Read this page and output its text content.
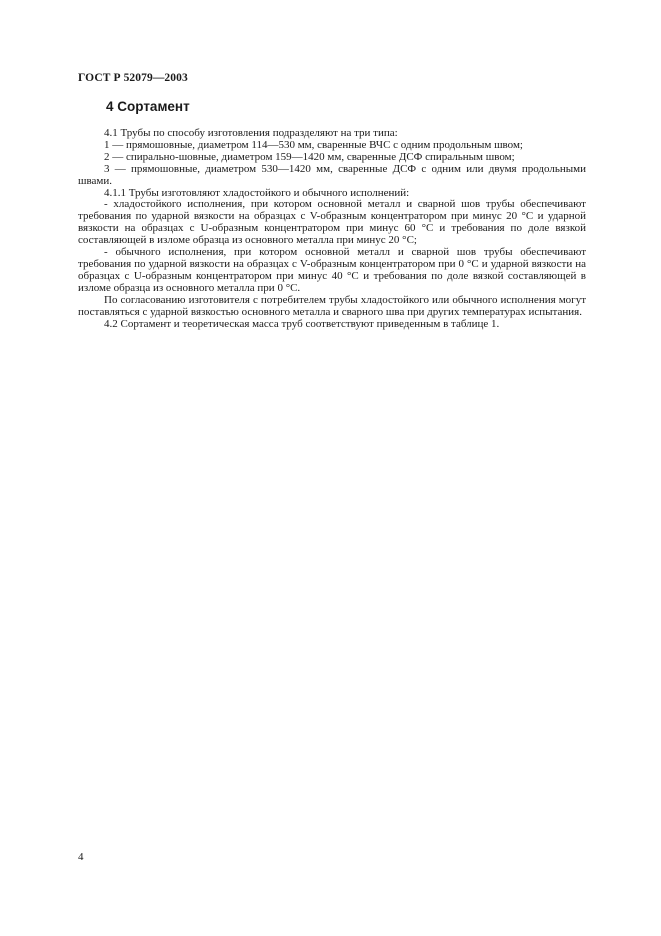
ГОСТ Р 52079—2003
4 Сортамент

4.1 Трубы по способу изготовления подразделяют на три типа:

1 — прямошовные, диаметром 114—530 мм, сваренные ВЧС с одним продольным швом;

2 — спирально-шовные, диаметром 159—1420 мм, сваренные ДСФ спиральным швом;

3 — прямошовные, диаметром 530—1420 мм, сваренные ДСФ с одним или двумя продольными швами.

4.1.1 Трубы изготовляют хладостойкого и обычного исполнений:

- хладостойкого исполнения, при котором основной металл и сварной шов трубы обеспечивают требования по ударной вязкости на образцах с V-образным концентратором при минус 20 °С и ударной вязкости на образцах с U-образным концентратором при минус 60 °С и требования по доле вязкой составляющей в изломе образца из основного металла при минус 20 °С;

- обычного исполнения, при котором основной металл и сварной шов трубы обеспечивают требования по ударной вязкости на образцах с V-образным концентратором при 0 °С и ударной вязкости на образцах с U-образным концентратором при минус 40 °С и требования по доле вязкой составляющей в изломе образца из основного металла при 0 °С.

По согласованию изготовителя с потребителем трубы хладостойкого или обычного исполнения могут поставляться с ударной вязкостью основного металла и сварного шва при других температурах испытания.

4.2 Сортамент и теоретическая масса труб соответствуют приведенным в таблице 1.

4
